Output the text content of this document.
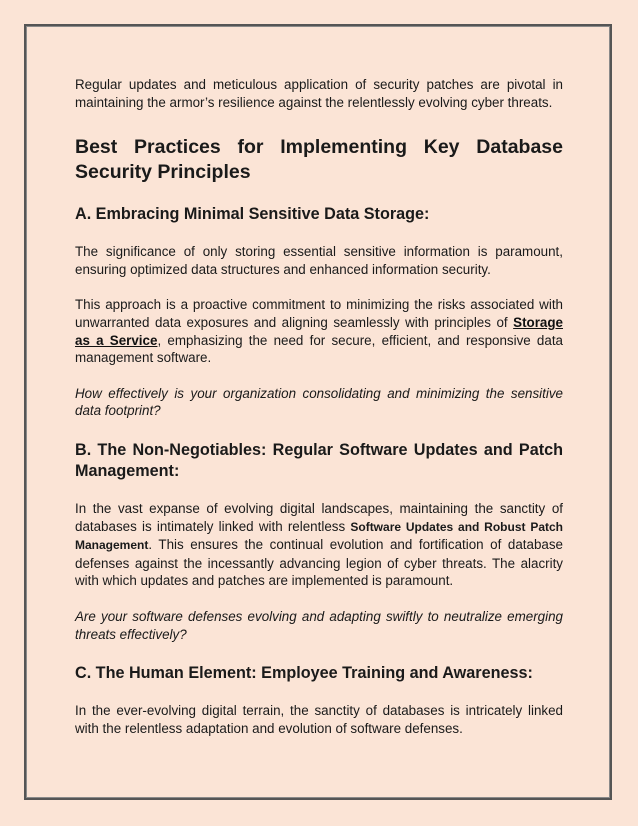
Regular updates and meticulous application of security patches are pivotal in maintaining the armor’s resilience against the relentlessly evolving cyber threats.

Best Practices for Implementing Key Database Security Principles
A. Embracing Minimal Sensitive Data Storage:

The significance of only storing essential sensitive information is paramount, ensuring optimized data structures and enhanced information security.

This approach is a proactive commitment to minimizing the risks associated with unwarranted data exposures and aligning seamlessly with principles of Storage as a Service, emphasizing the need for secure, efficient, and responsive data management software.

How effectively is your organization consolidating and minimizing the sensitive data footprint?

B. The Non-Negotiables: Regular Software Updates and Patch Management:

In the vast expanse of evolving digital landscapes, maintaining the sanctity of databases is intimately linked with relentless Software Updates and Robust Patch Management. This ensures the continual evolution and fortification of database defenses against the incessantly advancing legion of cyber threats. The alacrity with which updates and patches are implemented is paramount.

Are your software defenses evolving and adapting swiftly to neutralize emerging threats effectively?

C. The Human Element: Employee Training and Awareness:

In the ever-evolving digital terrain, the sanctity of databases is intricately linked with the relentless adaptation and evolution of software defenses.
